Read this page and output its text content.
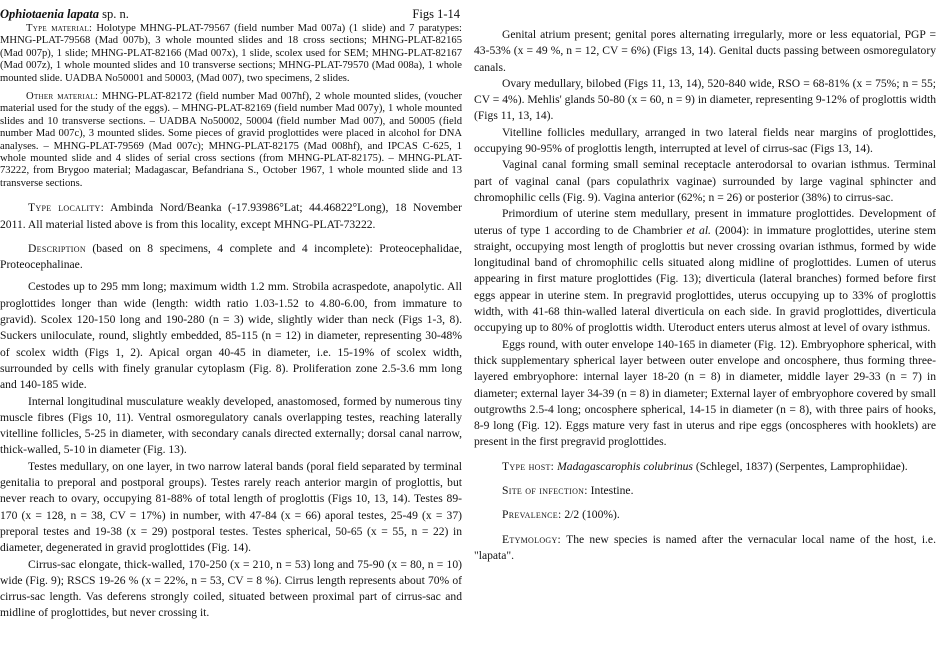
Ophiotaenia lapata sp. n.	Figs 1-14

Type material: Holotype MHNG-PLAT-79567 (field number Mad 007a) (1 slide) and 7 paratypes: MHNG-PLAT-79568 (Mad 007b), 3 whole mounted slides and 18 cross sections; MHNG-PLAT-82165 (Mad 007p), 1 slide; MHNG-PLAT-82166 (Mad 007x), 1 slide, scolex used for SEM; MHNG-PLAT-82167 (Mad 007z), 1 whole mounted slides and 10 transverse sections; MHNG-PLAT-79570 (Mad 008a), 1 whole mounted slide. UADBA No50001 and 50003, (Mad 007), two specimens, 2 slides.

Other material: MHNG-PLAT-82172 (field number Mad 007hf), 2 whole mounted slides, (voucher material used for the study of the eggs). – MHNG-PLAT-82169 (field number Mad 007y), 1 whole mounted slides and 10 transverse sections. – UADBA No50002, 50004 (field number Mad 007), and 50005 (field number Mad 007c), 3 mounted slides. Some pieces of gravid proglottides were placed in alcohol for DNA analyses. – MHNG-PLAT-79569 (Mad 007c); MHNG-PLAT-82175 (Mad 008hf), and IPCAS C-625, 1 whole mounted slide and 4 slides of serial cross sections (from MHNG-PLAT-82175). – MHNG-PLAT-73222, from Brygoo material; Madagascar, Befandriana S., October 1967, 1 whole mounted slide and 13 transverse sections.

Type locality: Ambinda Nord/Beanka (-17.93986°Lat; 44.46822°Long), 18 November 2011. All material listed above is from this locality, except MHNG-PLAT-73222.

Description (based on 8 specimens, 4 complete and 4 incomplete): Proteocephalidae, Proteocephalinae.

Cestodes up to 295 mm long; maximum width 1.2 mm. Strobila acraspedote, anapolytic. All proglottides longer than wide (length: width ratio 1.03-1.52 to 4.80-6.00, from immature to gravid). Scolex 120-150 long and 190-280 (n = 3) wide, slightly wider than neck (Figs 1-3, 8). Suckers uniloculate, round, slightly embedded, 85-115 (n = 12) in diameter, representing 30-48% of scolex width (Figs 1, 2). Apical organ 40-45 in diameter, i.e. 15-19% of scolex width, surrounded by cells with finely granular cytoplasm (Fig. 8). Proliferation zone 2.5-3.6 mm long and 140-185 wide.

Internal longitudinal musculature weakly developed, anastomosed, formed by numerous tiny muscle fibres (Figs 10, 11). Ventral osmoregulatory canals overlapping testes, reaching laterally vitelline follicles, 5-25 in diameter, with secondary canals directed externally; dorsal canal narrow, thick-walled, 5-10 in diameter (Fig. 13).

Testes medullary, on one layer, in two narrow lateral bands (poral field separated by terminal genitalia to preporal and postporal groups). Testes rarely reach anterior margin of proglottis, but never reach to ovary, occupying 81-88% of total length of proglottis (Figs 10, 13, 14). Testes 89-170 (x = 128, n = 38, CV = 17%) in number, with 47-84 (x = 66) aporal testes, 25-49 (x = 37) preporal testes and 19-38 (x = 29) postporal testes. Testes spherical, 50-65 (x = 55, n = 22) in diameter, degenerated in gravid proglottides (Fig. 14).

Cirrus-sac elongate, thick-walled, 170-250 (x = 210, n = 53) long and 75-90 (x = 80, n = 10) wide (Fig. 9); RSCS 19-26 % (x = 22%, n = 53, CV = 8 %). Cirrus length represents about 70% of cirrus-sac length. Vas deferens strongly coiled, situated between proximal part of cirrus-sac and midline of proglottides, but never crossing it.

Genital atrium present; genital pores alternating irregularly, more or less equatorial, PGP = 43-53% (x = 49 %, n = 12, CV = 6%) (Figs 13, 14). Genital ducts passing between osmoregulatory canals.

Ovary medullary, bilobed (Figs 11, 13, 14), 520-840 wide, RSO = 68-81% (x = 75%; n = 55; CV = 4%). Mehlis' glands 50-80 (x = 60, n = 9) in diameter, representing 9-12% of proglottis width (Figs 11, 13, 14).

Vitelline follicles medullary, arranged in two lateral fields near margins of proglottides, occupying 90-95% of proglottis length, interrupted at level of cirrus-sac (Figs 13, 14).

Vaginal canal forming small seminal receptacle anterodorsal to ovarian isthmus. Terminal part of vaginal canal (pars copulathrix vaginae) surrounded by large vaginal sphincter and chromophilic cells (Fig. 9). Vagina anterior (62%; n = 26) or posterior (38%) to cirrus-sac.

Primordium of uterine stem medullary, present in immature proglottides. Development of uterus of type 1 according to de Chambrier et al. (2004): in immature proglottides, uterine stem straight, occupying most length of proglottis but never crossing ovarian isthmus, formed by wide longitudinal band of chromophilic cells situated along midline of proglottides. Lumen of uterus appearing in first mature proglottides (Fig. 13); diverticula (lateral branches) formed before first eggs appear in uterine stem. In pregravid proglottides, uterus occupying up to 33% of proglottis width, with 41-68 thin-walled lateral diverticula on each side. In gravid proglottides, diverticula occupying up to 80% of proglottis width. Uteroduct enters uterus almost at level of ovary isthmus.

Eggs round, with outer envelope 140-165 in diameter (Fig. 12). Embryophore spherical, with thick supplementary spherical layer between outer envelope and oncosphere, thus forming three-layered embryophore: internal layer 18-20 (n = 8) in diameter, middle layer 29-33 (n = 7) in diameter; external layer 34-39 (n = 8) in diameter; External layer of embryophore covered by small outgrowths 2.5-4 long; oncosphere spherical, 14-15 in diameter (n = 8), with three pairs of hooks, 8-9 long (Fig. 12). Eggs mature very fast in uterus and ripe eggs (oncospheres with hooklets) are present in the first pregravid proglottides.

Type host: Madagascarophis colubrinus (Schlegel, 1837) (Serpentes, Lamprophiidae).

Site of infection: Intestine.

Prevalence: 2/2 (100%).

Etymology: The new species is named after the vernacular local name of the host, i.e. "lapata".
